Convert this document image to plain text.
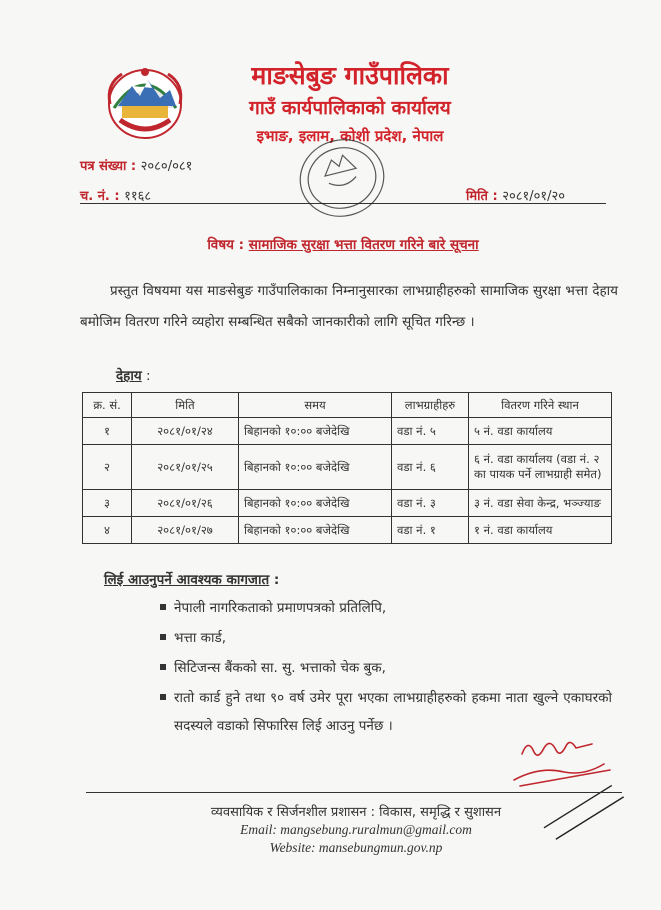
माङसेबुङ गाउँपालिका
गाउँ कार्यपालिकाको कार्यालय
इभाङ, इलाम, कोशी प्रदेश, नेपाल
पत्र संख्या : २०८०/०८१
च. नं. : ११६८	मिति : २०८१/०१/२०
विषय : सामाजिक सुरक्षा भत्ता वितरण गरिने बारे सूचना
प्रस्तुत विषयमा यस माङसेबुङ गाउँपालिकाका निम्नानुसारका लाभग्राहीहरुको सामाजिक सुरक्षा भत्ता देहाय बमोजिम वितरण गरिने व्यहोरा सम्बन्धित सबैको जानकारीको लागि सूचित गरिन्छ ।
देहाय :
क्र. सं.	मिति	समय	लाभग्राहीहरु	वितरण गरिने स्थान
१	२०८१/०१/२४	बिहानको १०:०० बजेदेखि	वडा नं. ५	५ नं. वडा कार्यालय
२	२०८१/०१/२५	बिहानको १०:०० बजेदेखि	वडा नं. ६	६ नं. वडा कार्यालय (वडा नं. २ का पायक पर्ने लाभग्राही समेत)
३	२०८१/०१/२६	बिहानको १०:०० बजेदेखि	वडा नं. ३	३ नं. वडा सेवा केन्द्र, भञ्ज्याङ
४	२०८१/०१/२७	बिहानको १०:०० बजेदेखि	वडा नं. १	१ नं. वडा कार्यालय
लिई आउनुपर्ने आवश्यक कागजात :
नेपाली नागरिकताको प्रमाणपत्रको प्रतिलिपि,
भत्ता कार्ड,
सिटिजन्स बैंकको सा. सु. भत्ताको चेक बुक,
रातो कार्ड हुने तथा ९० वर्ष उमेर पूरा भएका लाभग्राहीहरुको हकमा नाता खुल्ने एकाघरको सदस्यले वडाको सिफारिस लिई आउनु पर्नेछ ।
व्यवसायिक र सिर्जनशील प्रशासन : विकास, समृद्धि र सुशासन
Email: mangsebung.ruralmun@gmail.com
Website: mansebungmun.gov.np
